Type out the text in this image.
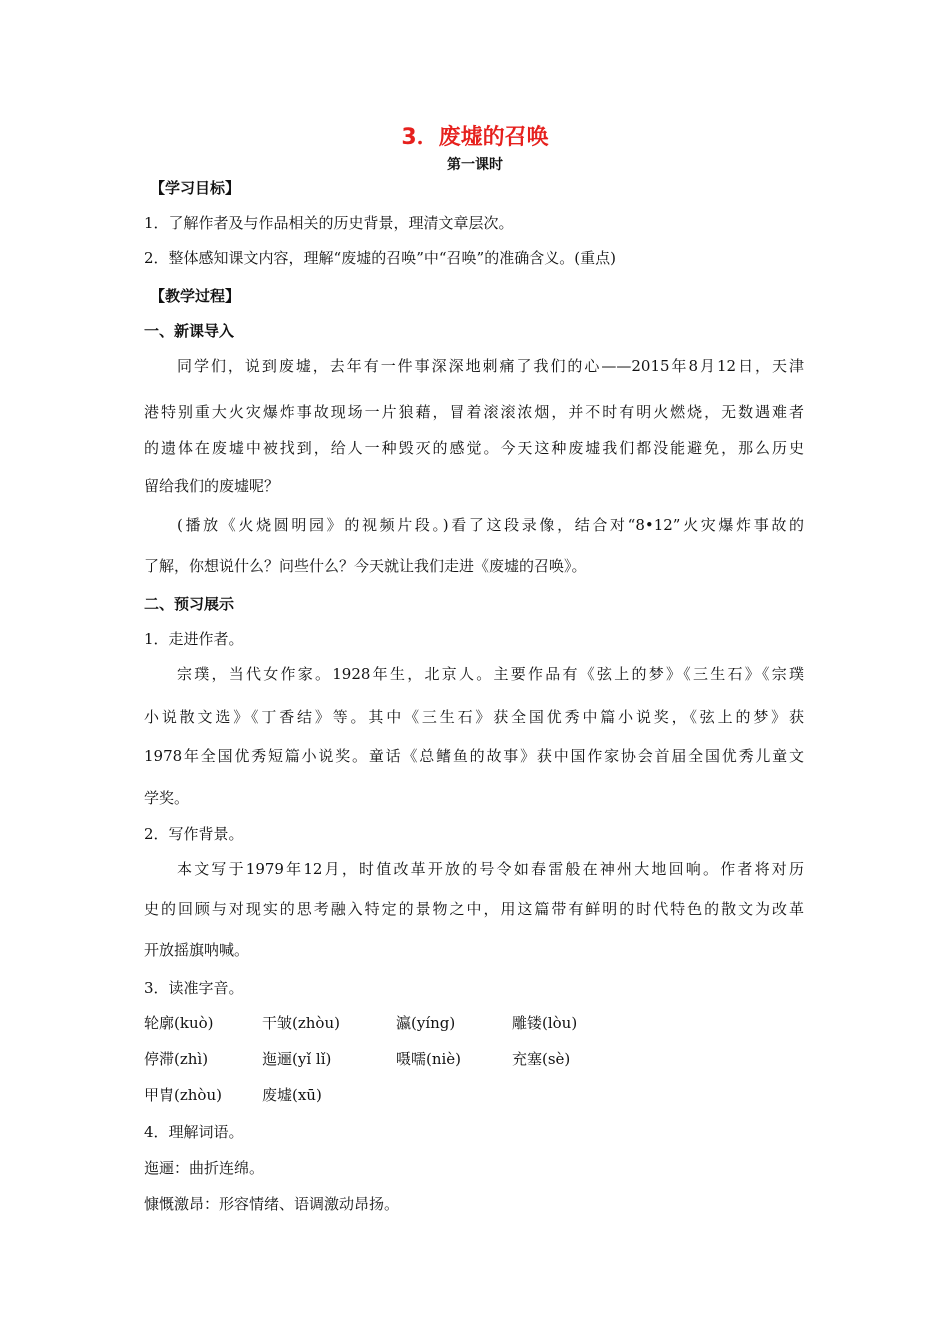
3．废墟的召唤
第一课时
【学习目标】
1．了解作者及与作品相关的历史背景，理清文章层次。
2．整体感知课文内容，理解“废墟的召唤”中“召唤”的准确含义。(重点)
【教学过程】
一、新课导入
同学们，说到废墟，去年有一件事深深地刺痛了我们的心——2015年8月12日，天津
港特别重大火灾爆炸事故现场一片狼藉，冒着滚滚浓烟，并不时有明火燃烧，无数遇难者
的遗体在废墟中被找到，给人一种毁灭的感觉。今天这种废墟我们都没能避免，那么历史
留给我们的废墟呢？
(播放《火烧圆明园》的视频片段。)看了这段录像，结合对“8•12”火灾爆炸事故的
了解，你想说什么？问些什么？今天就让我们走进《废墟的召唤》。
二、预习展示
1．走进作者。
宗璞，当代女作家。1928年生，北京人。主要作品有《弦上的梦》《三生石》《宗璞
小说散文选》《丁香结》等。其中《三生石》获全国优秀中篇小说奖，《弦上的梦》获
1978年全国优秀短篇小说奖。童话《总鳍鱼的故事》获中国作家协会首届全国优秀儿童文
学奖。
2．写作背景。
本文写于1979年12月，时值改革开放的号令如春雷般在神州大地回响。作者将对历
史的回顾与对现实的思考融入特定的景物之中，用这篇带有鲜明的时代特色的散文为改革
开放摇旗呐喊。
3．读准字音。
轮廓(kuò)	干皱(zhòu)	瀛(yíng)	雕镂(lòu)
停滞(zhì)	迤逦(yǐ lǐ)	嗫嚅(niè)	充塞(sè)
甲胄(zhòu)	废墟(xū)
4．理解词语。
迤逦：曲折连绵。
慷慨激昂：形容情绪、语调激动昂扬。
